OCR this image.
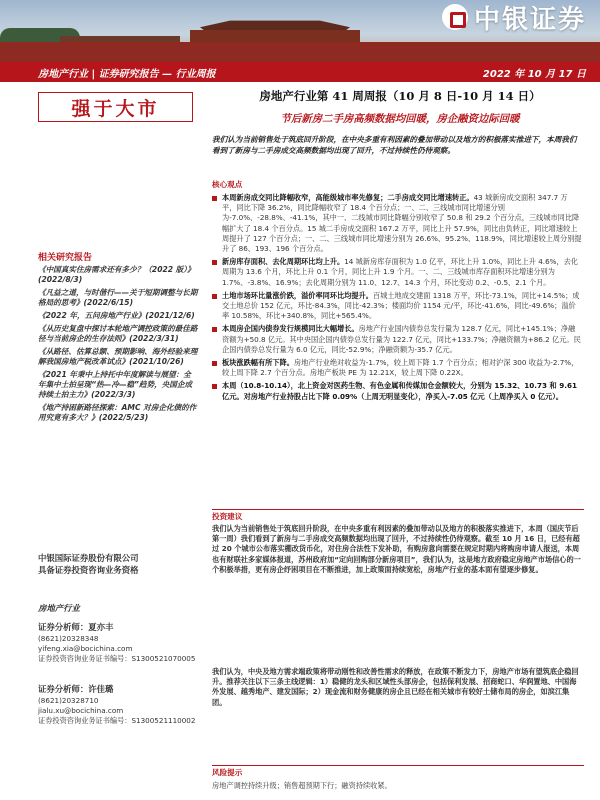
中银证券
房地产行业 | 证券研究报告 — 行业周报	2022 年 10 月 17 日
强于大市
相关研究报告
《 中国真实住房需求还有多少？（2022 版）》(2022/8/3)
《 凡益之道，与时偕行——关于短期调整与长期格局的思考》(2022/6/15)
《 2022 年，五问房地产行业》(2021/12/6)
《 从历史复盘中探讨本轮地产调控政策的最佳路径与当前房企的生存法则》(2022/3/31)
《 从路径、估算总额、预期影响、海外经验来理解我国房地产税改革试点》(2021/10/26)
《 2021 年秉中上持托中年度解读与展望：全年集中土拍呈现“热—冷—稳”趋势，央国企成持续土拍主力》(2022/3/3)
《 地产持困新路径探索：AMC 对房企化债的作用究竟有多大？》(2022/5/23)
中银国际证券股份有限公司
具备证券投资咨询业务资格
房地产行业
证券分析师：夏亦丰
(8621)20328348
yifeng.xia@bocichina.com
证券投资咨询业务证书编号：S1300521070005
证券分析师：许佳璐
(8621)20328710
jialu.xu@bocichina.com
证券投资咨询业务证书编号：S1300521110002
房地产行业第 41 周周报（10 月 8 日-10 月 14 日）
节后新房二手房高频数据均回暖，房企融资边际回暖
我们认为当前销售处于筑底回升阶段，在中央多重有利因素的叠加带动以及地方的积极落实推进下，本周我们看到了新房与二手房成交高频数据均出现了回升，不过持续性仍待观察。
核心观点
本周新房成交同比降幅收窄，高能级城市率先修复；二手房成交同比增速转正。43 城新房成交面积 347.7 万平，同比下降 36.2%，同比降幅收窄了 18.4 个百分点；一、二、三线城市同比增速分别为-7.0%、-28.8%、-41.1%，其中一、二线城市同比降幅分别收窄了 50.8 和 29.2 个百分点，三线城市同比降幅扩大了 18.4 个百分点。15 城二手房成交面积 167.2 万平，同比上升 57.9%，同比由负转正，同比增速较上周提升了 127 个百分点；一、二、三线城市同比增速分别为 26.6%、95.2%、118.9%，同比增速较上周分别提升了 86、193、196 个百分点。
新房库存面积、去化周期环比均上升。14 城新房库存面积为 1.0 亿平，环比上升 1.0%，同比上升 4.6%，去化周期为 13.6 个月，环比上升 0.1 个月，同比上升 1.9 个月。一、二、三线城市库存面积环比增速分别为 1.7%、-3.8%、16.9%；去化周期分别为 11.0、12.7、14.3 个月，环比变动 0.2、-0.5、2.1 个月。
土地市场环比量涨价跌，溢价率同环比均提升。百城土地成交建面 1318 万平，环比-73.1%，同比+14.5%；成交土地总价 152 亿元，环比-84.3%，同比-42.3%；楼面均价 1154 元/平，环比-41.6%，同比-49.6%；溢价率 10.58%，环比+340.8%，同比+565.4%。
本周房企国内债券发行规模同比大幅增长。房地产行业国内债券总发行量为 128.7 亿元，同比+145.1%；净融资额为+50.8 亿元。其中央国企国内债券总发行量为 122.7 亿元，同比+133.7%；净融资额为+86.2 亿元。民企国内债券总发行量为 6.0 亿元，同比-52.9%；净融资额为-35.7 亿元。
板块涨跌幅有所下降。房地产行业绝对收益为-1.7%，较上周下降 1.7 个百分点；相对沪深 300 收益为-2.7%，较上周下降 2.7 个百分点。房地产板块 PE 为 12.21X，较上周下降 0.22X。
本周（10.8-10.14），北上资金对医药生物、有色金属和传媒加仓金额较大，分别为 15.32、10.73 和 9.61 亿元。对房地产行业持股占比下降 0.09%（上周无明显变化），净买入-7.05 亿元（上周净买入 0 亿元）。
投资建议
我们认为当前销售处于筑底回升阶段，在中央多重有利因素的叠加带动以及地方的积极落实推进下，本周（国庆节后第一周）我们看到了新房与二手房成交高频数据均出现了回升，不过持续性仍待观察。截至 10 月 16 日，已经有超过 20 个城市公布落实棚改货币化，对住房合法性下发补助，有购房意向需要在规定时期内将购房申请人报送，本周也有财联社多家媒体报道，苏州政府加“定向回购部分新房项目”，我们认为，这是地方政府稳定房地产市场信心的一个积极举措，更有房企纾困项目在不断推进，加上政策面持续宽松，房地产行业的基本面有望逐步修复。
我们认为，中央及地方需求端政策将带动刚性和改善性需求的释放，在政策不断发力下，房地产市场有望筑底企稳回升。推荐关注以下三条主线逻辑：1）稳健的龙头和区域性头部房企，包括保利发展、招商蛇口、华润置地、中国海外发展、越秀地产、建发国际；2）现金流和财务健康的房企且已经在相关城市有较好土储布局的房企，如滨江集团。
风险提示
房地产调控持续升级；销售超预期下行；融资持续收紧。
